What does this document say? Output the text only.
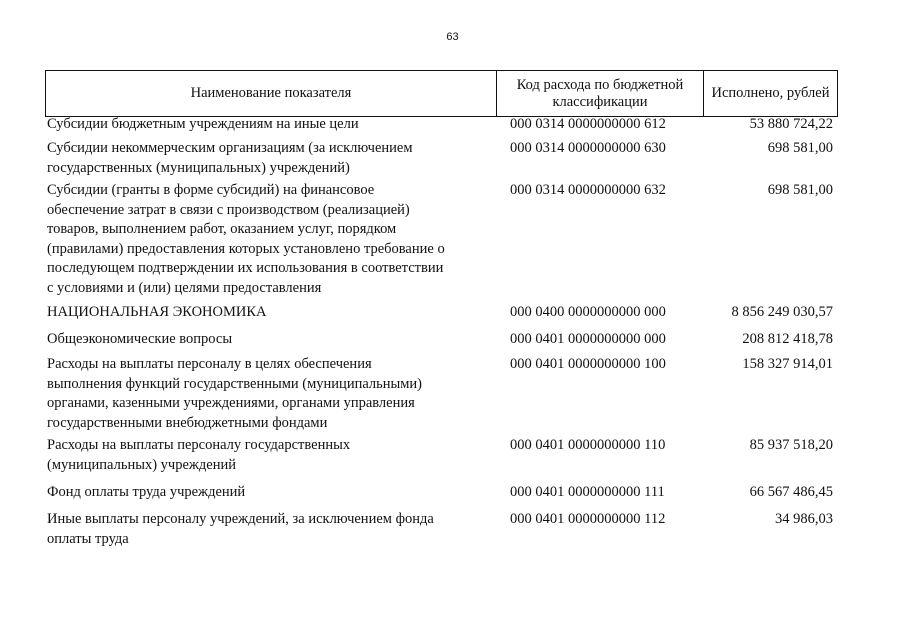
63
Наименование показателя	Код расхода по бюджетной классификации	Исполнено, рублей
Субсидии бюджетным учреждениям на иные цели	000 0314 0000000000 612	53 880 724,22
Субсидии некоммерческим организациям (за исключением
государственных (муниципальных) учреждений)
000 0314 0000000000 630	698 581,00
Субсидии (гранты в форме субсидий) на финансовое
обеспечение затрат в связи с производством (реализацией)
товаров, выполнением работ, оказанием услуг, порядком
(правилами) предоставления которых установлено требование о
последующем подтверждении их использования в соответствии
с условиями и (или) целями предоставления
000 0314 0000000000 632	698 581,00
НАЦИОНАЛЬНАЯ ЭКОНОМИКА	000 0400 0000000000 000	8 856 249 030,57
Общеэкономические вопросы	000 0401 0000000000 000	208 812 418,78
Расходы на выплаты персоналу в целях обеспечения
выполнения функций государственными (муниципальными)
органами, казенными учреждениями, органами управления
государственными внебюджетными фондами
000 0401 0000000000 100	158 327 914,01
Расходы на выплаты персоналу государственных
(муниципальных) учреждений
000 0401 0000000000 110	85 937 518,20
Фонд оплаты труда учреждений	000 0401 0000000000 111	66 567 486,45
Иные выплаты персоналу учреждений, за исключением фонда
оплаты труда
000 0401 0000000000 112	34 986,03
